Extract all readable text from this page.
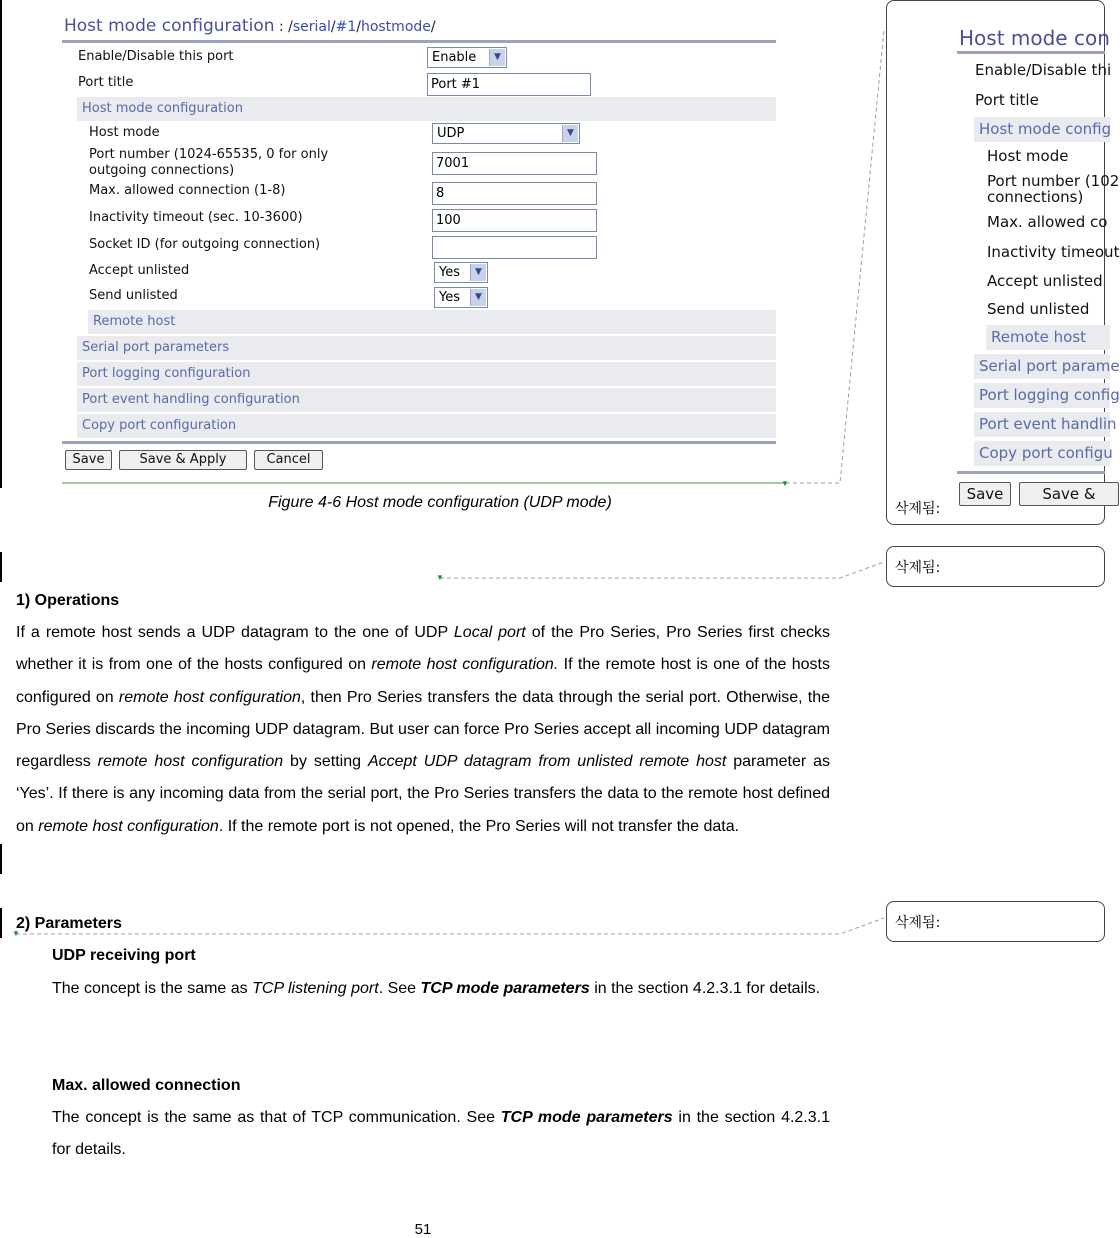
▼
▼
▼
Host mode configuration : /serial/#1/hostmode/
Enable/Disable this port	Enable	▼
Port title	Port #1
Host mode configuration
Host mode	UDP	▼
Port number (1024-65535, 0 for only outgoing connections)	7001
Max. allowed connection (1-8)	8
Inactivity timeout (sec. 10-3600)	100
Socket ID (for outgoing connection)
Accept unlisted	Yes	▼
Send unlisted	Yes	▼
Remote host
Serial port parameters
Port logging configuration
Port event handling configuration
Copy port configuration
Save	Save & Apply	Cancel
Figure 4-6 Host mode configuration (UDP mode)
1) Operations
If a remote host sends a UDP datagram to the one of UDP Local port of the Pro Series, Pro Series first checks whether it is from one of the hosts configured on remote host configuration. If the remote host is one of the hosts configured on remote host configuration, then Pro Series transfers the data through the serial port. Otherwise, the Pro Series discards the incoming UDP datagram. But user can force Pro Series accept all incoming UDP datagram regardless remote host configuration by setting Accept UDP datagram from unlisted remote host parameter as ‘Yes’. If there is any incoming data from the serial port, the Pro Series transfers the data to the remote host defined on remote host configuration. If the remote port is not opened, the Pro Series will not transfer the data.
2) Parameters
UDP receiving port
The concept is the same as TCP listening port. See TCP mode parameters in the section 4.2.3.1 for details.
Max. allowed connection
The concept is the same as that of TCP communication. See TCP mode parameters in the section 4.2.3.1 for details.
51
삭제됨:
Host mode con
Enable/Disable thi
Port title
Host mode config
Host mode
Port number (102
connections)
Max. allowed co
Inactivity timeout
Accept unlisted
Send unlisted
Remote host
Serial port parame
Port logging config
Port event handlin
Copy port configu
Save	Save &
삭제됨:
삭제됨:
